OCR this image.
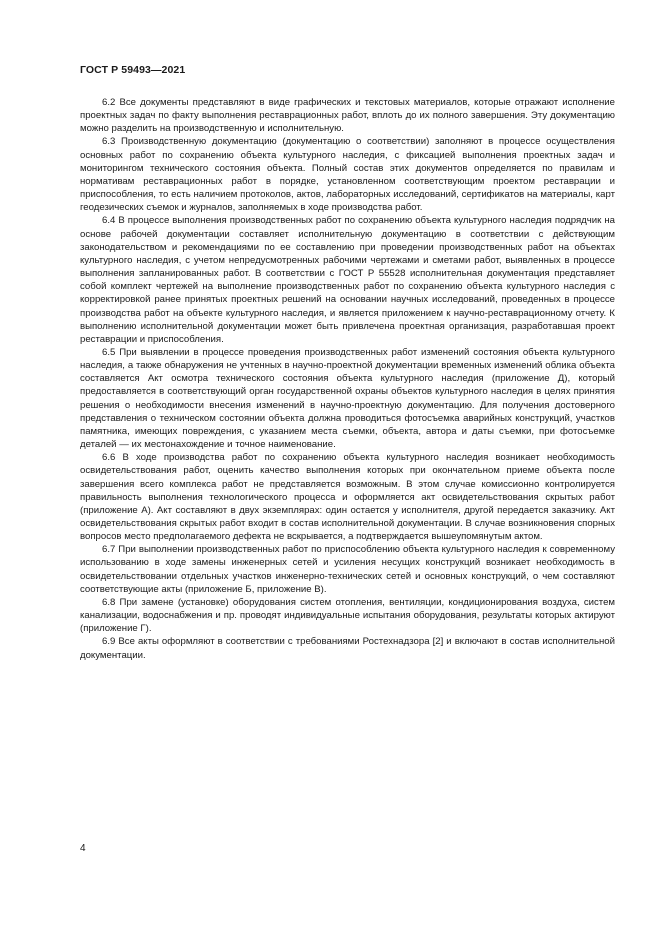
ГОСТ Р 59493—2021

6.2 Все документы представляют в виде графических и текстовых материалов, которые отражают исполнение проектных задач по факту выполнения реставрационных работ, вплоть до их полного завершения. Эту документацию можно разделить на производственную и исполнительную.

6.3 Производственную документацию (документацию о соответствии) заполняют в процессе осуществления основных работ по сохранению объекта культурного наследия, с фиксацией выполнения проектных задач и мониторингом технического состояния объекта. Полный состав этих документов определяется по правилам и нормативам реставрационных работ в порядке, установленном соответствующим проектом реставрации и приспособления, то есть наличием протоколов, актов, лабораторных исследований, сертификатов на материалы, карт геодезических съемок и журналов, заполняемых в ходе производства работ.

6.4 В процессе выполнения производственных работ по сохранению объекта культурного наследия подрядчик на основе рабочей документации составляет исполнительную документацию в соответствии с действующим законодательством и рекомендациями по ее составлению при проведении производственных работ на объектах культурного наследия, с учетом непредусмотренных рабочими чертежами и сметами работ, выявленных в процессе выполнения запланированных работ. В соответствии с ГОСТ Р 55528 исполнительная документация представляет собой комплект чертежей на выполнение производственных работ по сохранению объекта культурного наследия с корректировкой ранее принятых проектных решений на основании научных исследований, проведенных в процессе производства работ на объекте культурного наследия, и является приложением к научно-реставрационному отчету. К выполнению исполнительной документации может быть привлечена проектная организация, разработавшая проект реставрации и приспособления.

6.5 При выявлении в процессе проведения производственных работ изменений состояния объекта культурного наследия, а также обнаружения не учтенных в научно-проектной документации временных изменений облика объекта составляется Акт осмотра технического состояния объекта культурного наследия (приложение Д), который предоставляется в соответствующий орган государственной охраны объектов культурного наследия в целях принятия решения о необходимости внесения изменений в научно-проектную документацию. Для получения достоверного представления о техническом состоянии объекта должна проводиться фотосъемка аварийных конструкций, участков памятника, имеющих повреждения, с указанием места съемки, объекта, автора и даты съемки, при фотосъемке деталей — их местонахождение и точное наименование.

6.6 В ходе производства работ по сохранению объекта культурного наследия возникает необходимость освидетельствования работ, оценить качество выполнения которых при окончательном приеме объекта после завершения всего комплекса работ не представляется возможным. В этом случае комиссионно контролируется правильность выполнения технологического процесса и оформляется акт освидетельствования скрытых работ (приложение А). Акт составляют в двух экземплярах: один остается у исполнителя, другой передается заказчику. Акт освидетельствования скрытых работ входит в состав исполнительной документации. В случае возникновения спорных вопросов место предполагаемого дефекта не вскрывается, а подтверждается вышеупомянутым актом.

6.7 При выполнении производственных работ по приспособлению объекта культурного наследия к современному использованию в ходе замены инженерных сетей и усиления несущих конструкций возникает необходимость в освидетельствовании отдельных участков инженерно-технических сетей и основных конструкций, о чем составляют соответствующие акты (приложение Б, приложение В).

6.8 При замене (установке) оборудования систем отопления, вентиляции, кондиционирования воздуха, систем канализации, водоснабжения и пр. проводят индивидуальные испытания оборудования, результаты которых актируют (приложение Г).

6.9 Все акты оформляют в соответствии с требованиями Ростехнадзора [2] и включают в состав исполнительной документации.

4
